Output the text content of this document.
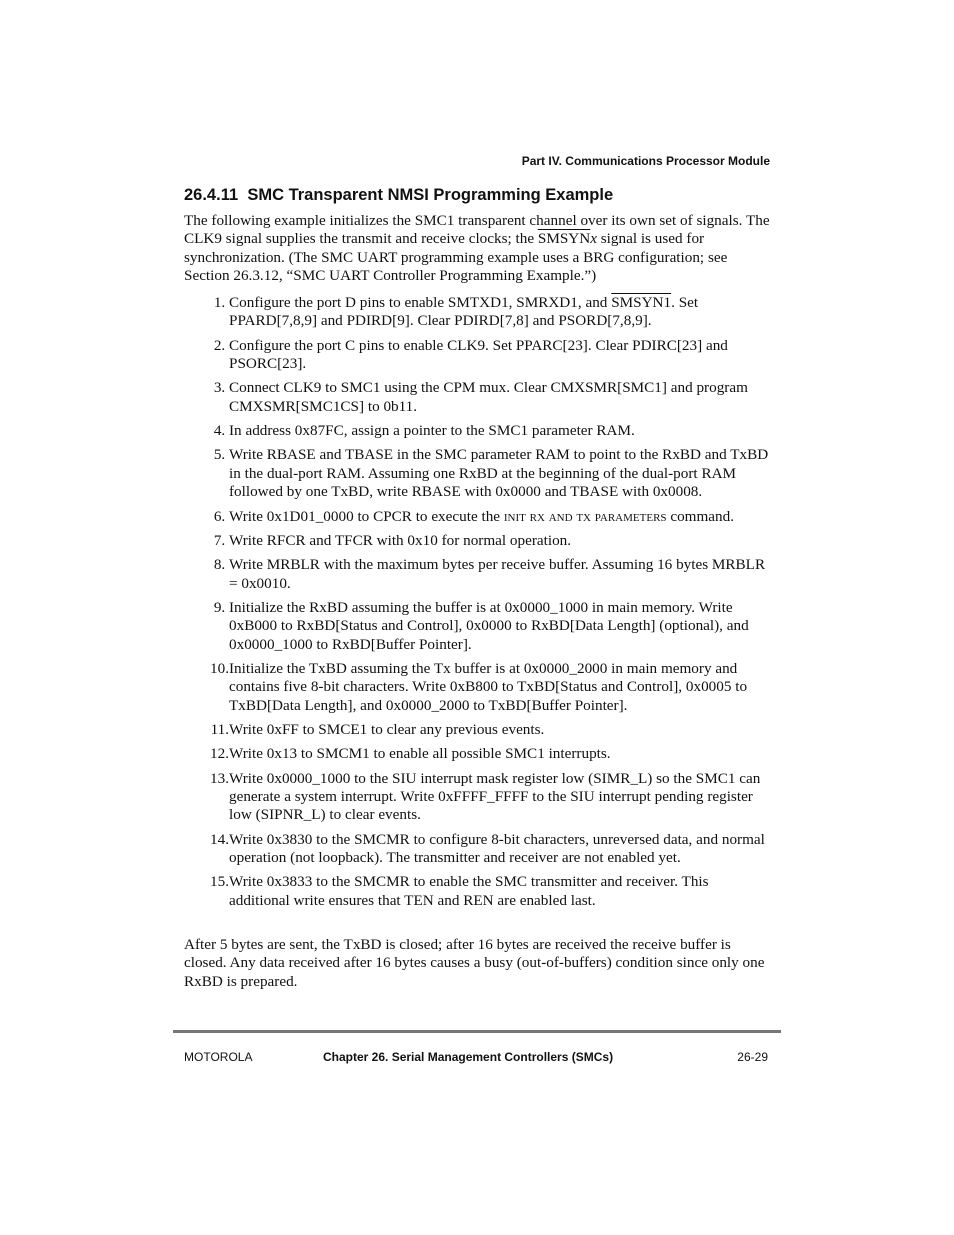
Part IV. Communications Processor Module
26.4.11 SMC Transparent NMSI Programming Example

The following example initializes the SMC1 transparent channel over its own set of signals. The CLK9 signal supplies the transmit and receive clocks; the SMSYNx signal is used for synchronization. (The SMC UART programming example uses a BRG configuration; see Section 26.3.12, “SMC UART Controller Programming Example.”)

1. Configure the port D pins to enable SMTXD1, SMRXD1, and SMSYN1. Set PPARD[7,8,9] and PDIRD[9]. Clear PDIRD[7,8] and PSORD[7,8,9].
2. Configure the port C pins to enable CLK9. Set PPARC[23]. Clear PDIRC[23] and PSORC[23].
3. Connect CLK9 to SMC1 using the CPM mux. Clear CMXSMR[SMC1] and program CMXSMR[SMC1CS] to 0b11.
4. In address 0x87FC, assign a pointer to the SMC1 parameter RAM.
5. Write RBASE and TBASE in the SMC parameter RAM to point to the RxBD and TxBD in the dual-port RAM. Assuming one RxBD at the beginning of the dual-port RAM followed by one TxBD, write RBASE with 0x0000 and TBASE with 0x0008.
6. Write 0x1D01_0000 to CPCR to execute the init rx and tx parameters command.
7. Write RFCR and TFCR with 0x10 for normal operation.
8. Write MRBLR with the maximum bytes per receive buffer. Assuming 16 bytes MRBLR = 0x0010.
9. Initialize the RxBD assuming the buffer is at 0x0000_1000 in main memory. Write 0xB000 to RxBD[Status and Control], 0x0000 to RxBD[Data Length] (optional), and 0x0000_1000 to RxBD[Buffer Pointer].
10. Initialize the TxBD assuming the Tx buffer is at 0x0000_2000 in main memory and contains five 8-bit characters. Write 0xB800 to TxBD[Status and Control], 0x0005 to TxBD[Data Length], and 0x0000_2000 to TxBD[Buffer Pointer].
11. Write 0xFF to SMCE1 to clear any previous events.
12. Write 0x13 to SMCM1 to enable all possible SMC1 interrupts.
13. Write 0x0000_1000 to the SIU interrupt mask register low (SIMR_L) so the SMC1 can generate a system interrupt. Write 0xFFFF_FFFF to the SIU interrupt pending register low (SIPNR_L) to clear events.
14. Write 0x3830 to the SMCMR to configure 8-bit characters, unreversed data, and normal operation (not loopback). The transmitter and receiver are not enabled yet.
15. Write 0x3833 to the SMCMR to enable the SMC transmitter and receiver. This additional write ensures that TEN and REN are enabled last.

After 5 bytes are sent, the TxBD is closed; after 16 bytes are received the receive buffer is closed. Any data received after 16 bytes causes a busy (out-of-buffers) condition since only one RxBD is prepared.

MOTOROLA	Chapter 26. Serial Management Controllers (SMCs)	26-29
